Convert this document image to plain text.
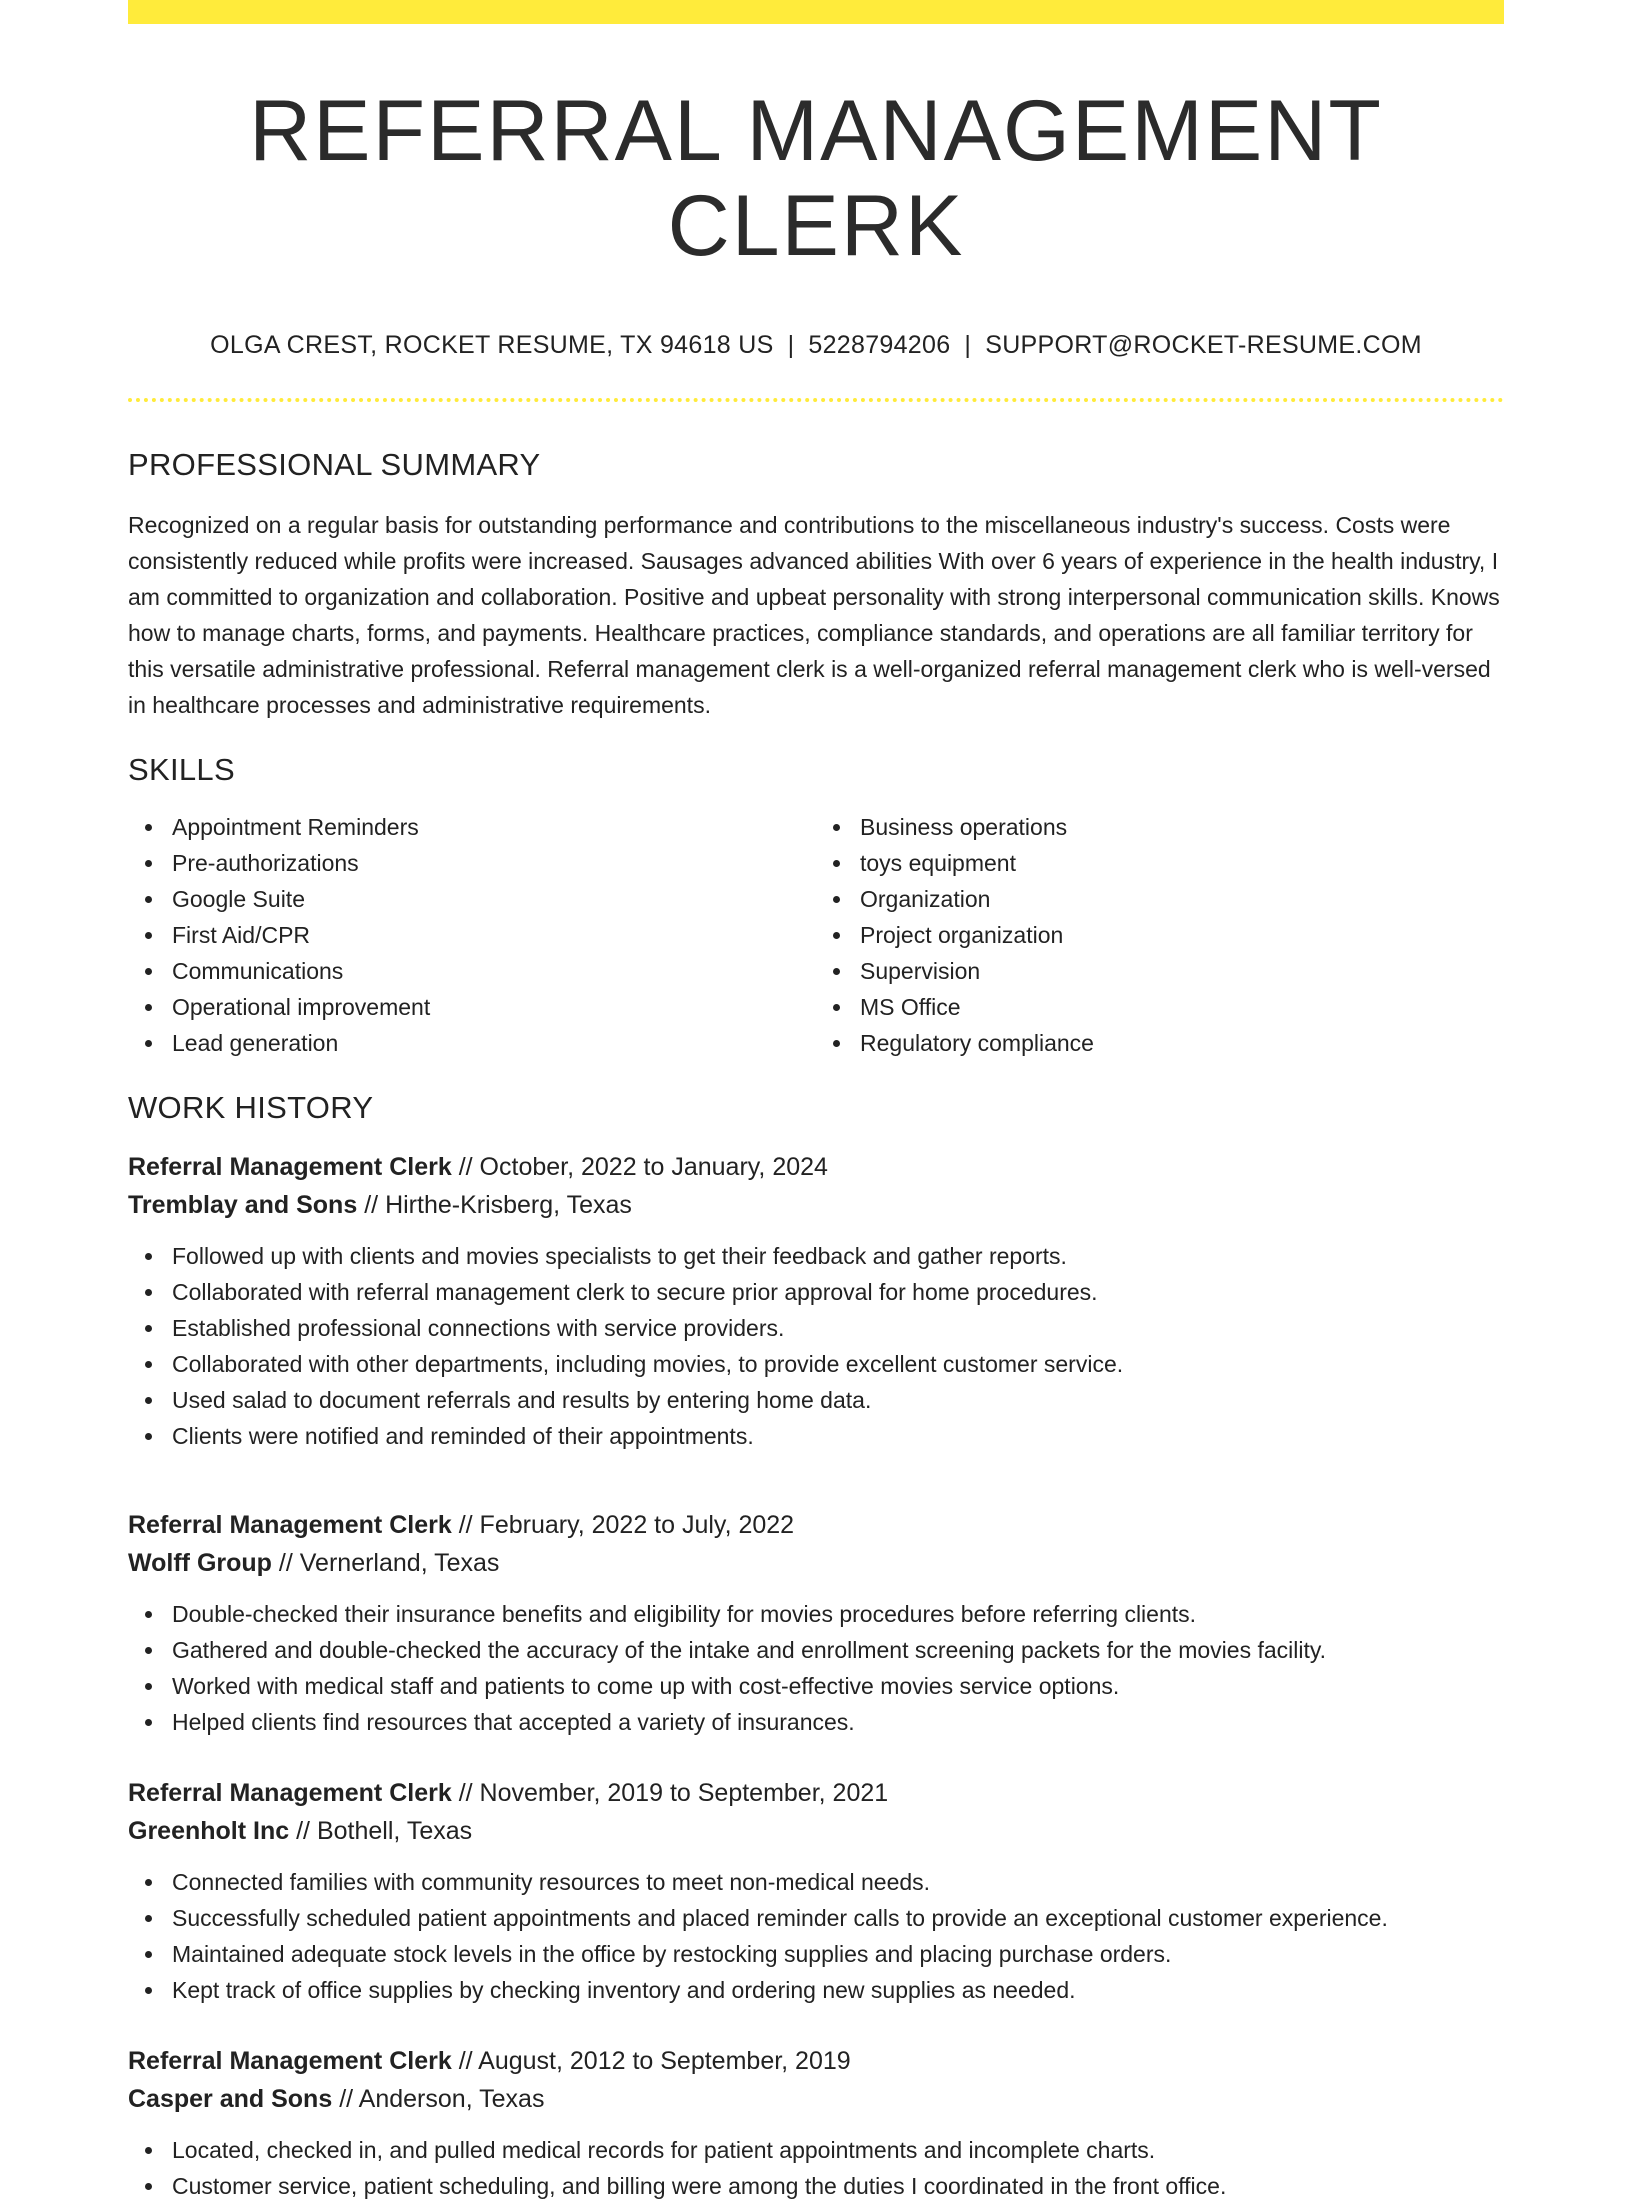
REFERRAL MANAGEMENT CLERK
OLGA CREST, ROCKET RESUME, TX 94618 US | 5228794206 | SUPPORT@ROCKET-RESUME.COM
PROFESSIONAL SUMMARY

Recognized on a regular basis for outstanding performance and contributions to the miscellaneous industry's success. Costs were consistently reduced while profits were increased. Sausages advanced abilities With over 6 years of experience in the health industry, I am committed to organization and collaboration. Positive and upbeat personality with strong interpersonal communication skills. Knows how to manage charts, forms, and payments. Healthcare practices, compliance standards, and operations are all familiar territory for this versatile administrative professional. Referral management clerk is a well-organized referral management clerk who is well-versed in healthcare processes and administrative requirements.

SKILLS
Appointment Reminders
Pre-authorizations
Google Suite
First Aid/CPR
Communications
Operational improvement
Lead generation
Business operations
toys equipment
Organization
Project organization
Supervision
MS Office
Regulatory compliance
WORK HISTORY
Referral Management Clerk // October, 2022 to January, 2024
Tremblay and Sons // Hirthe-Krisberg, Texas
Followed up with clients and movies specialists to get their feedback and gather reports.
Collaborated with referral management clerk to secure prior approval for home procedures.
Established professional connections with service providers.
Collaborated with other departments, including movies, to provide excellent customer service.
Used salad to document referrals and results by entering home data.
Clients were notified and reminded of their appointments.
Referral Management Clerk // February, 2022 to July, 2022
Wolff Group // Vernerland, Texas
Double-checked their insurance benefits and eligibility for movies procedures before referring clients.
Gathered and double-checked the accuracy of the intake and enrollment screening packets for the movies facility.
Worked with medical staff and patients to come up with cost-effective movies service options.
Helped clients find resources that accepted a variety of insurances.
Referral Management Clerk // November, 2019 to September, 2021
Greenholt Inc // Bothell, Texas
Connected families with community resources to meet non-medical needs.
Successfully scheduled patient appointments and placed reminder calls to provide an exceptional customer experience.
Maintained adequate stock levels in the office by restocking supplies and placing purchase orders.
Kept track of office supplies by checking inventory and ordering new supplies as needed.
Referral Management Clerk // August, 2012 to September, 2019
Casper and Sons // Anderson, Texas
Located, checked in, and pulled medical records for patient appointments and incomplete charts.
Customer service, patient scheduling, and billing were among the duties I coordinated in the front office.
